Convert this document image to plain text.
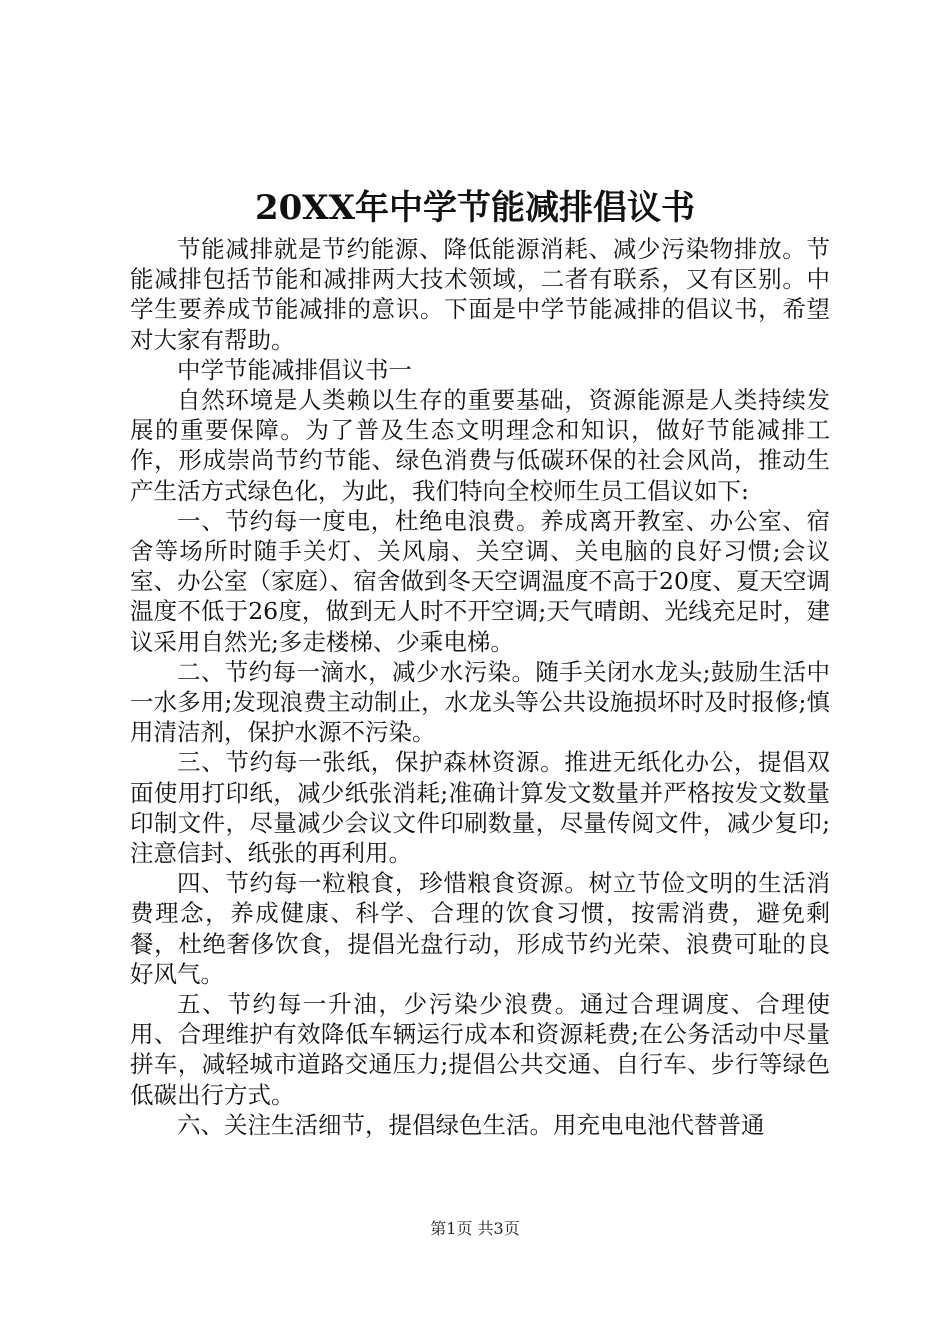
20XX年中学节能减排倡议书

节能减排就是节约能源、降低能源消耗、减少污染物排放。节能减排包括节能和减排两大技术领域，二者有联系，又有区别。中学生要养成节能减排的意识。下面是中学节能减排的倡议书，希望对大家有帮助。

中学节能减排倡议书一

自然环境是人类赖以生存的重要基础，资源能源是人类持续发展的重要保障。为了普及生态文明理念和知识，做好节能减排工作，形成崇尚节约节能、绿色消费与低碳环保的社会风尚，推动生产生活方式绿色化，为此，我们特向全校师生员工倡议如下:

一、节约每一度电，杜绝电浪费。养成离开教室、办公室、宿舍等场所时随手关灯、关风扇、关空调、关电脑的良好习惯;会议室、办公室（家庭）、宿舍做到冬天空调温度不高于20度、夏天空调温度不低于26度，做到无人时不开空调;天气晴朗、光线充足时，建议采用自然光;多走楼梯、少乘电梯。

二、节约每一滴水，减少水污染。随手关闭水龙头;鼓励生活中一水多用;发现浪费主动制止，水龙头等公共设施损坏时及时报修;慎用清洁剂，保护水源不污染。

三、节约每一张纸，保护森林资源。推进无纸化办公，提倡双面使用打印纸，减少纸张消耗;准确计算发文数量并严格按发文数量印制文件，尽量减少会议文件印刷数量，尽量传阅文件，减少复印;注意信封、纸张的再利用。

四、节约每一粒粮食，珍惜粮食资源。树立节俭文明的生活消费理念，养成健康、科学、合理的饮食习惯，按需消费，避免剩餐，杜绝奢侈饮食，提倡光盘行动，形成节约光荣、浪费可耻的良好风气。

五、节约每一升油，少污染少浪费。通过合理调度、合理使用、合理维护有效降低车辆运行成本和资源耗费;在公务活动中尽量拼车，减轻城市道路交通压力;提倡公共交通、自行车、步行等绿色低碳出行方式。

六、关注生活细节，提倡绿色生活。用充电电池代替普通

第1页 共3页
